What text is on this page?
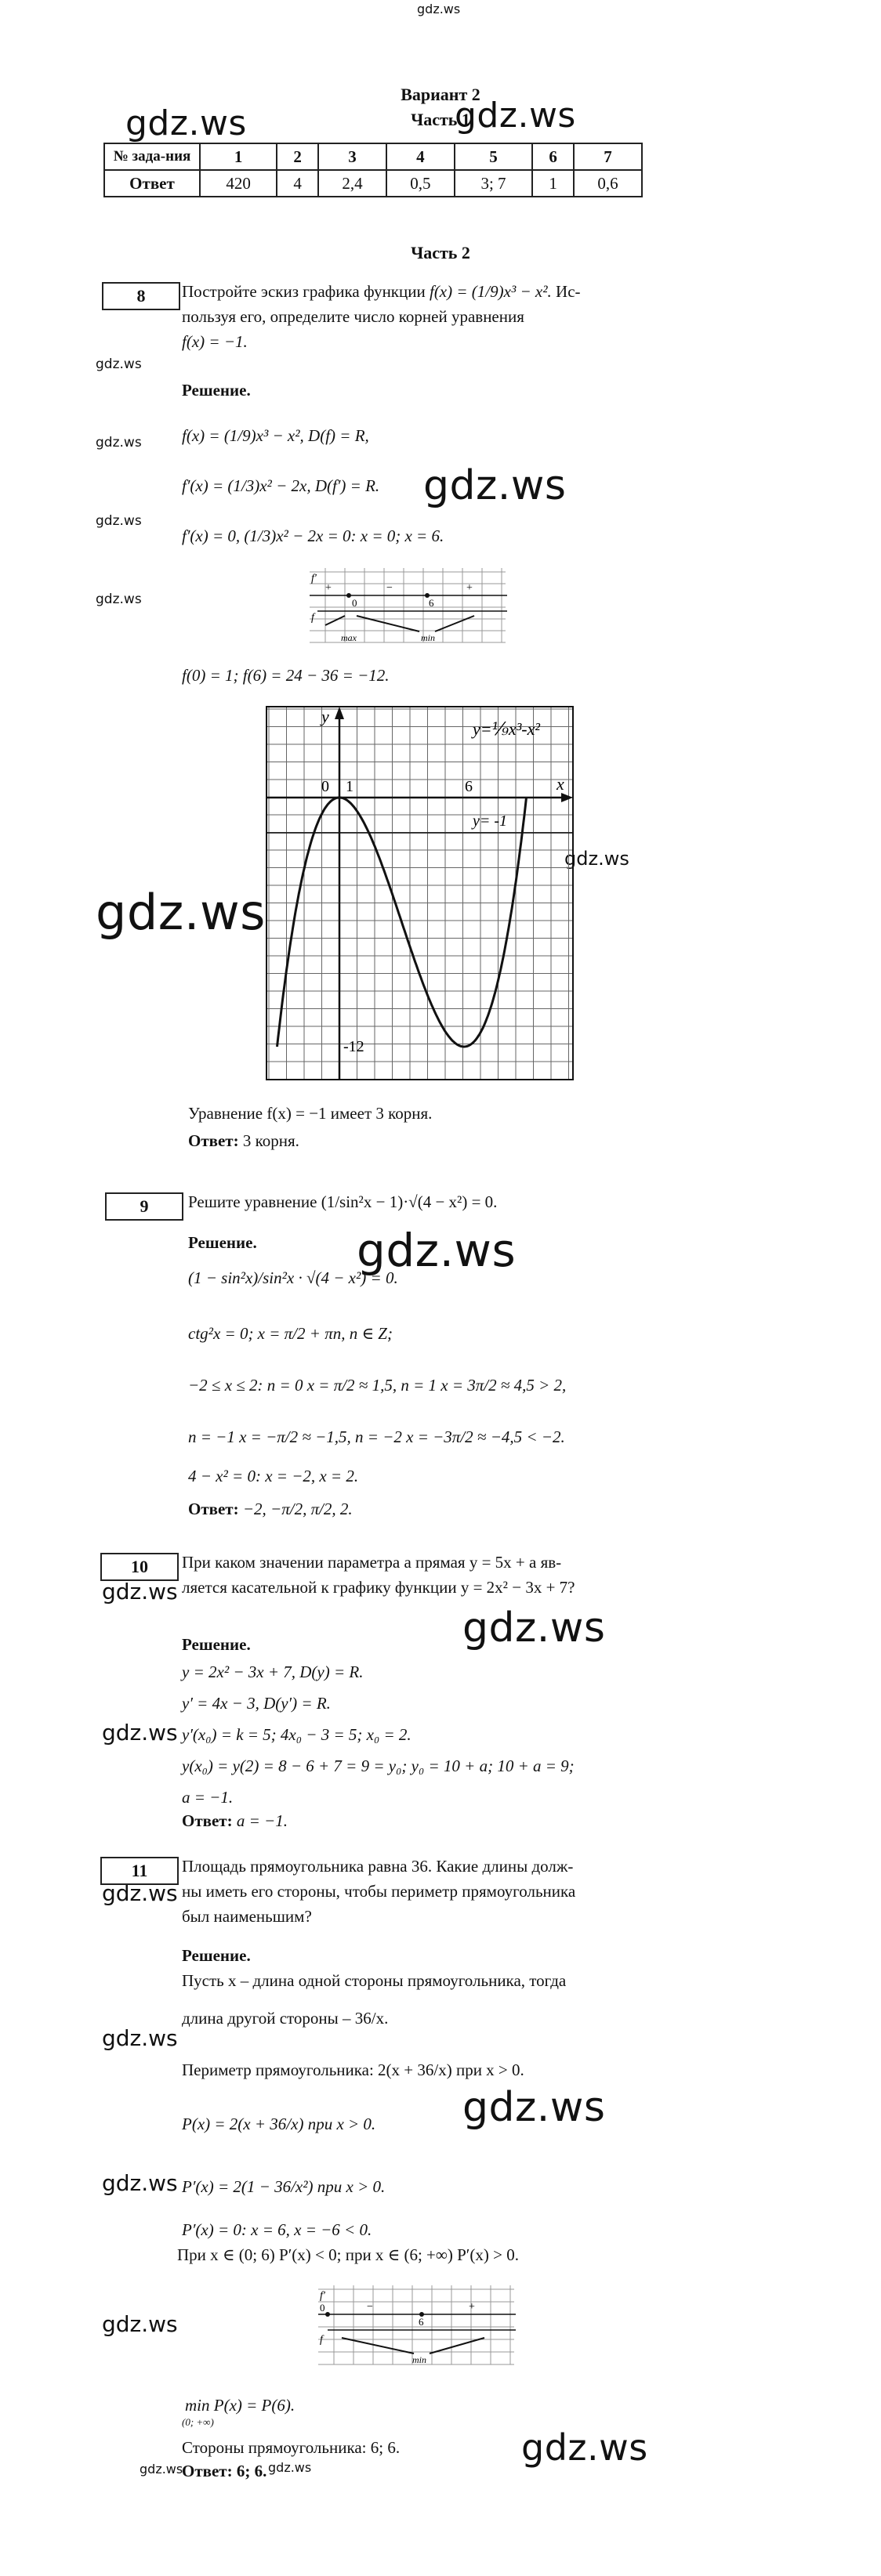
gdz.ws
gdz.ws	gdz.ws
gdz.ws
gdz.ws
gdz.ws
gdz.ws
gdz.ws
gdz.ws
gdz.ws
gdz.ws
gdz.ws
gdz.ws
gdz.ws
gdz.ws
gdz.ws
gdz.ws
gdz.ws
gdz.ws
gdz.ws
gdz.ws
Вариант 2
Часть 1
№ зада-ния	1	2	3	4	5	6	7
Ответ	420	4	2,4	0,5	3; 7	1	0,6
Часть 2
8	Постройте эскиз графика функции f(x) = (1/9)x³ − x². Ис-
пользуя его, определите число корней уравнения
f(x) = −1.
Решение.
f(x) = (1/9)x³ − x², D(f) = R,
f′(x) = (1/3)x² − 2x, D(f′) = R.
f′(x) = 0, (1/3)x² − 2x = 0: x = 0; x = 6.
f′
f
0	6
+	−	+
max	min
f(0) = 1; f(6) = 24 − 36 = −12.
y
x
0 1	6
-12
y=⅑x³-x²
y= -1
Уравнение f(x) = −1 имеет 3 корня.
Ответ: 3 корня.
9	Решите уравнение (1/sin²x − 1)·√(4 − x²) = 0.
Решение.
(1 − sin²x)/sin²x · √(4 − x²) = 0.
ctg²x = 0; x = π/2 + πn, n ∈ Z;
−2 ≤ x ≤ 2: n = 0 x = π/2 ≈ 1,5, n = 1 x = 3π/2 ≈ 4,5 > 2,
n = −1 x = −π/2 ≈ −1,5, n = −2 x = −3π/2 ≈ −4,5 < −2.
4 − x² = 0: x = −2, x = 2.
Ответ: −2, −π/2, π/2, 2.
10	При каком значении параметра a прямая y = 5x + a яв-
ляется касательной к графику функции y = 2x² − 3x + 7?
Решение.
y = 2x² − 3x + 7, D(y) = R.
y′ = 4x − 3, D(y′) = R.
y′(x₀) = k = 5; 4x₀ − 3 = 5; x₀ = 2.
y(x₀) = y(2) = 8 − 6 + 7 = 9 = y₀; y₀ = 10 + a; 10 + a = 9;
a = −1.
Ответ: a = −1.
11	Площадь прямоугольника равна 36. Какие длины долж-
ны иметь его стороны, чтобы периметр прямоугольника
был наименьшим?
Решение.
Пусть x – длина одной стороны прямоугольника, тогда
длина другой стороны – 36/x.
Периметр прямоугольника: 2(x + 36/x) при x > 0.
P(x) = 2(x + 36/x) при x > 0.
P′(x) = 2(1 − 36/x²) при x > 0.
P′(x) = 0: x = 6, x = −6 < 0.
При x ∈ (0; 6) P′(x) < 0; при x ∈ (6; +∞) P′(x) > 0.
f′
f
0
6
−	+
min
min P(x) = P(6).
(0; +∞)
Стороны прямоугольника: 6; 6.
Ответ: 6; 6. gdz.ws
